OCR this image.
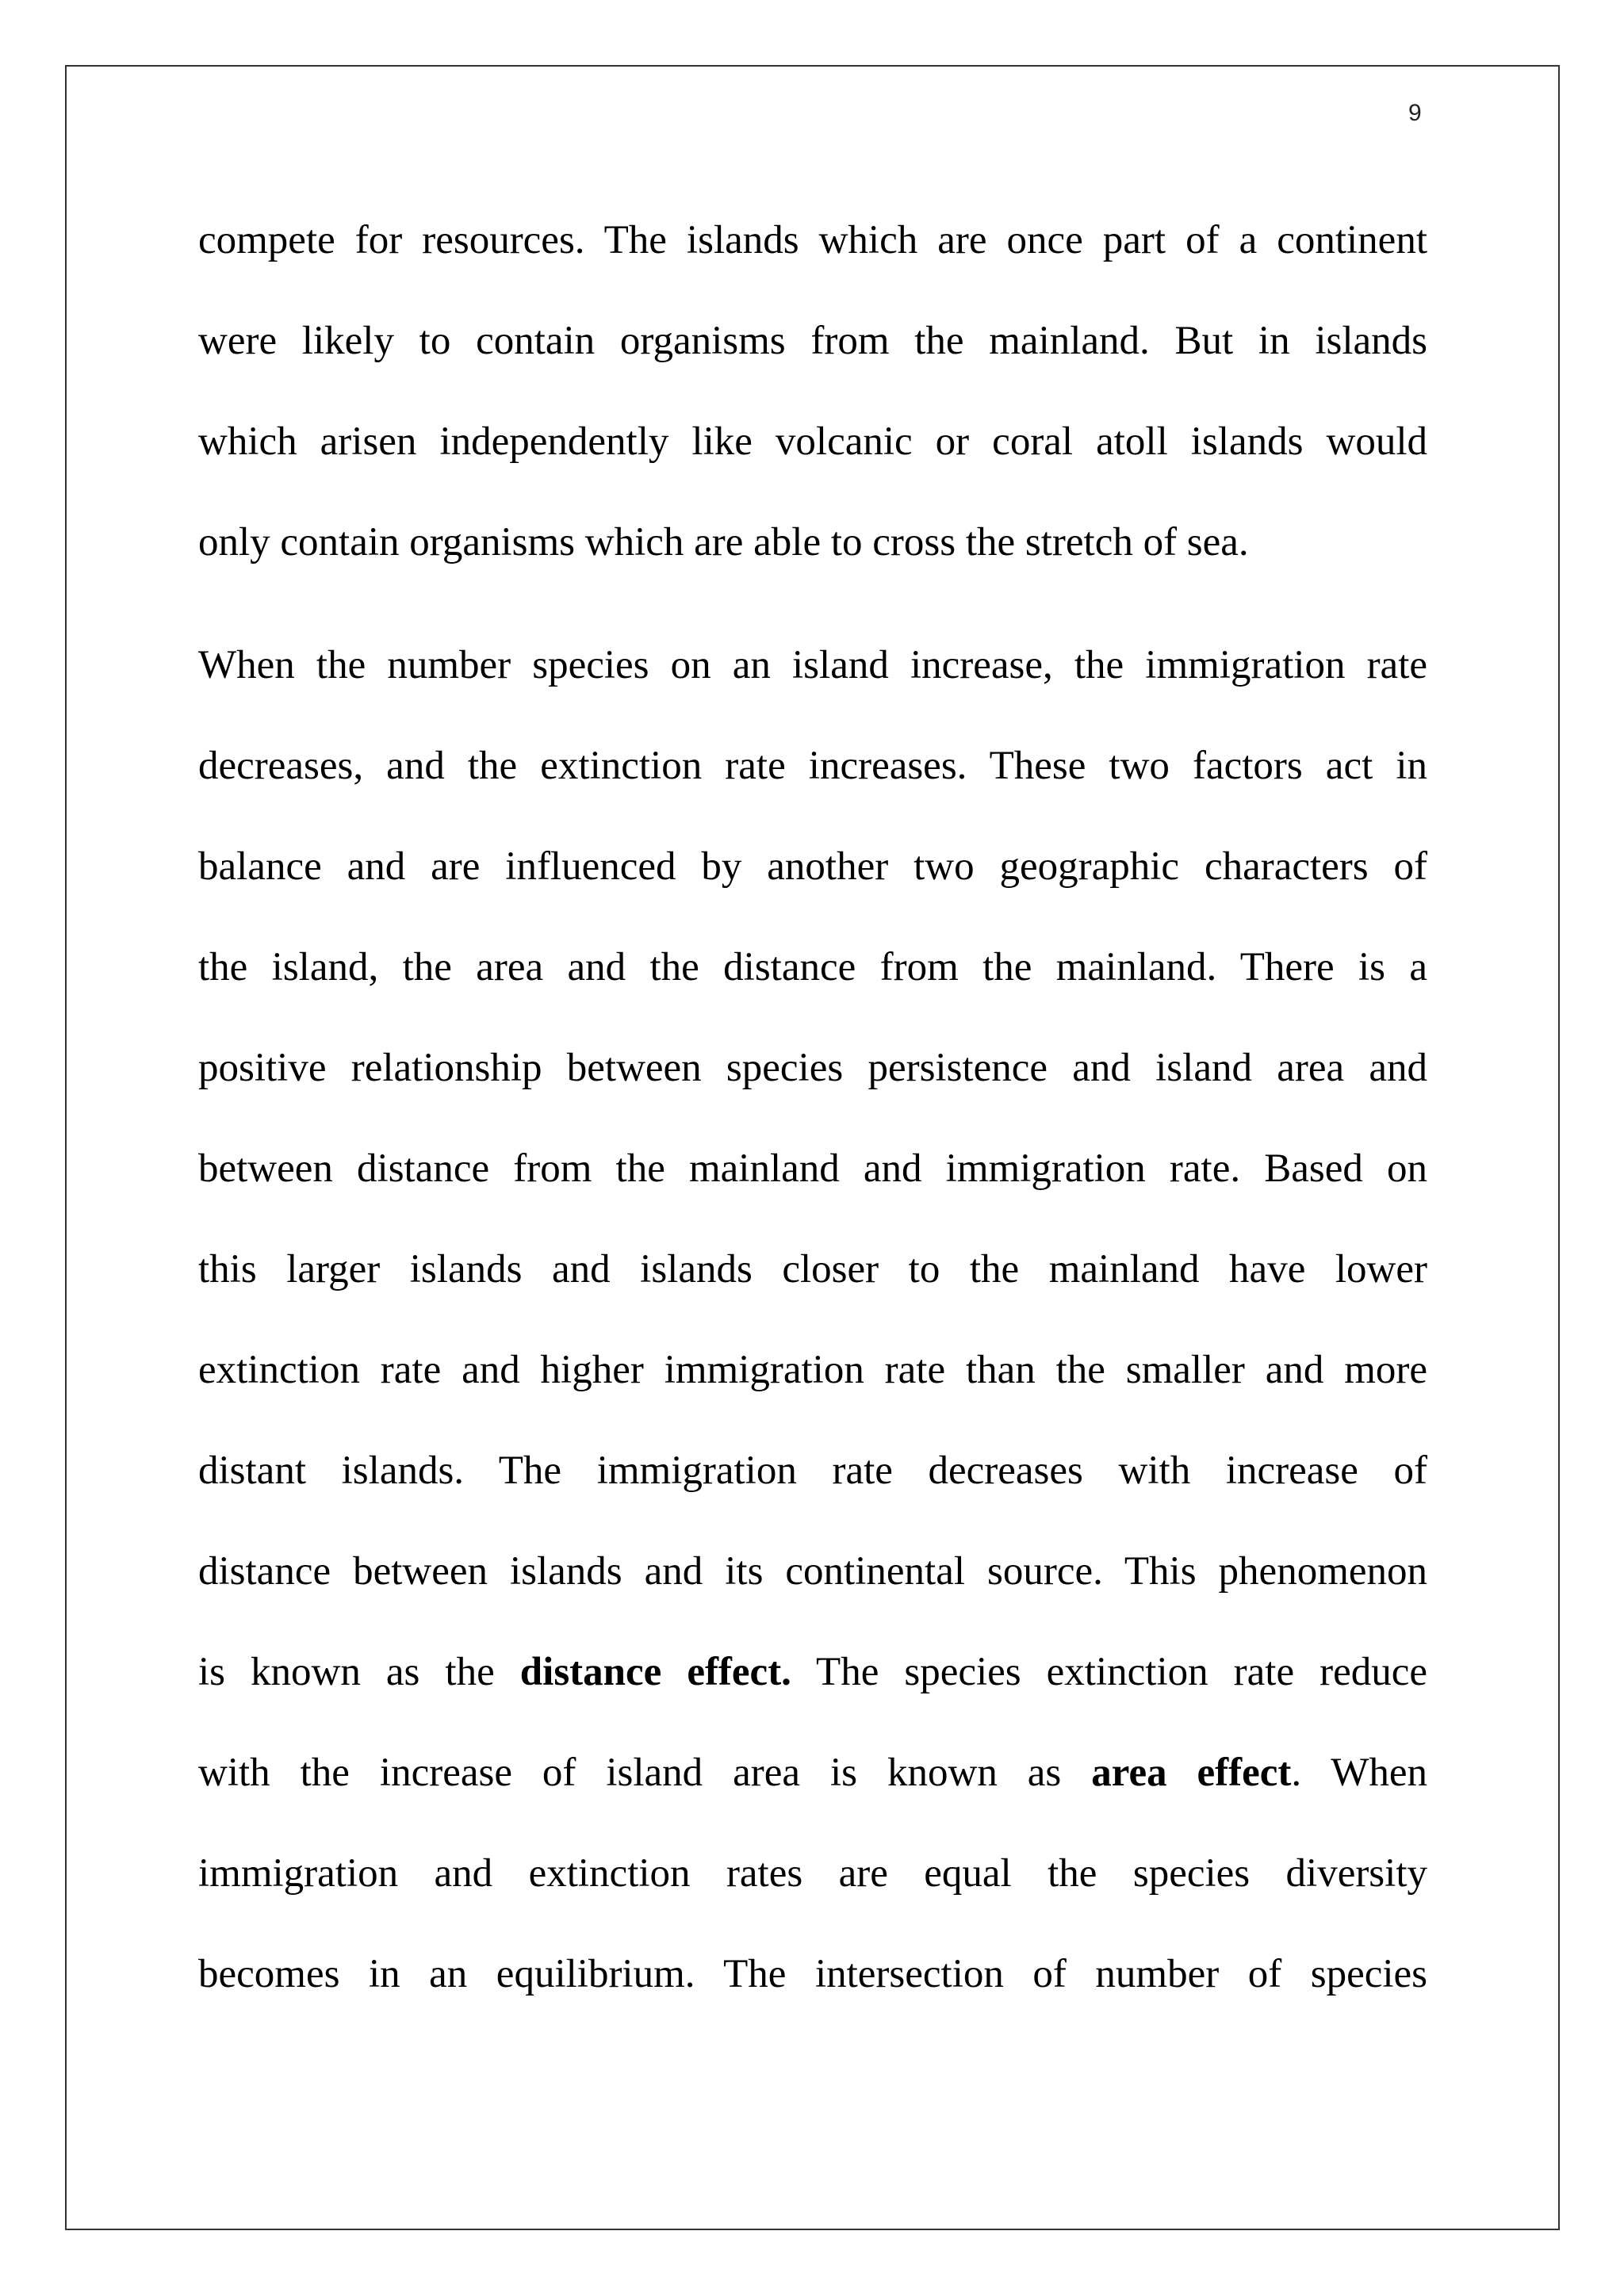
9

compete for resources. The islands which are once part of a continent
were likely to contain organisms from the mainland. But in islands
which arisen independently like volcanic or coral atoll islands would
only contain organisms which are able to cross the stretch of sea.

When the number species on an island increase, the immigration rate
decreases, and the extinction rate increases. These two factors act in
balance and are influenced by another two geographic characters of
the island, the area and the distance from the mainland. There is a
positive relationship between species persistence and island area and
between distance from the mainland and immigration rate. Based on
this larger islands and islands closer to the mainland have lower
extinction rate and higher immigration rate than the smaller and more
distant islands. The immigration rate decreases with increase of
distance between islands and its continental source. This phenomenon
is known as the distance effect. The species extinction rate reduce
with the increase of island area is known as area effect. When
immigration and extinction rates are equal the species diversity
becomes in an equilibrium. The intersection of number of species
